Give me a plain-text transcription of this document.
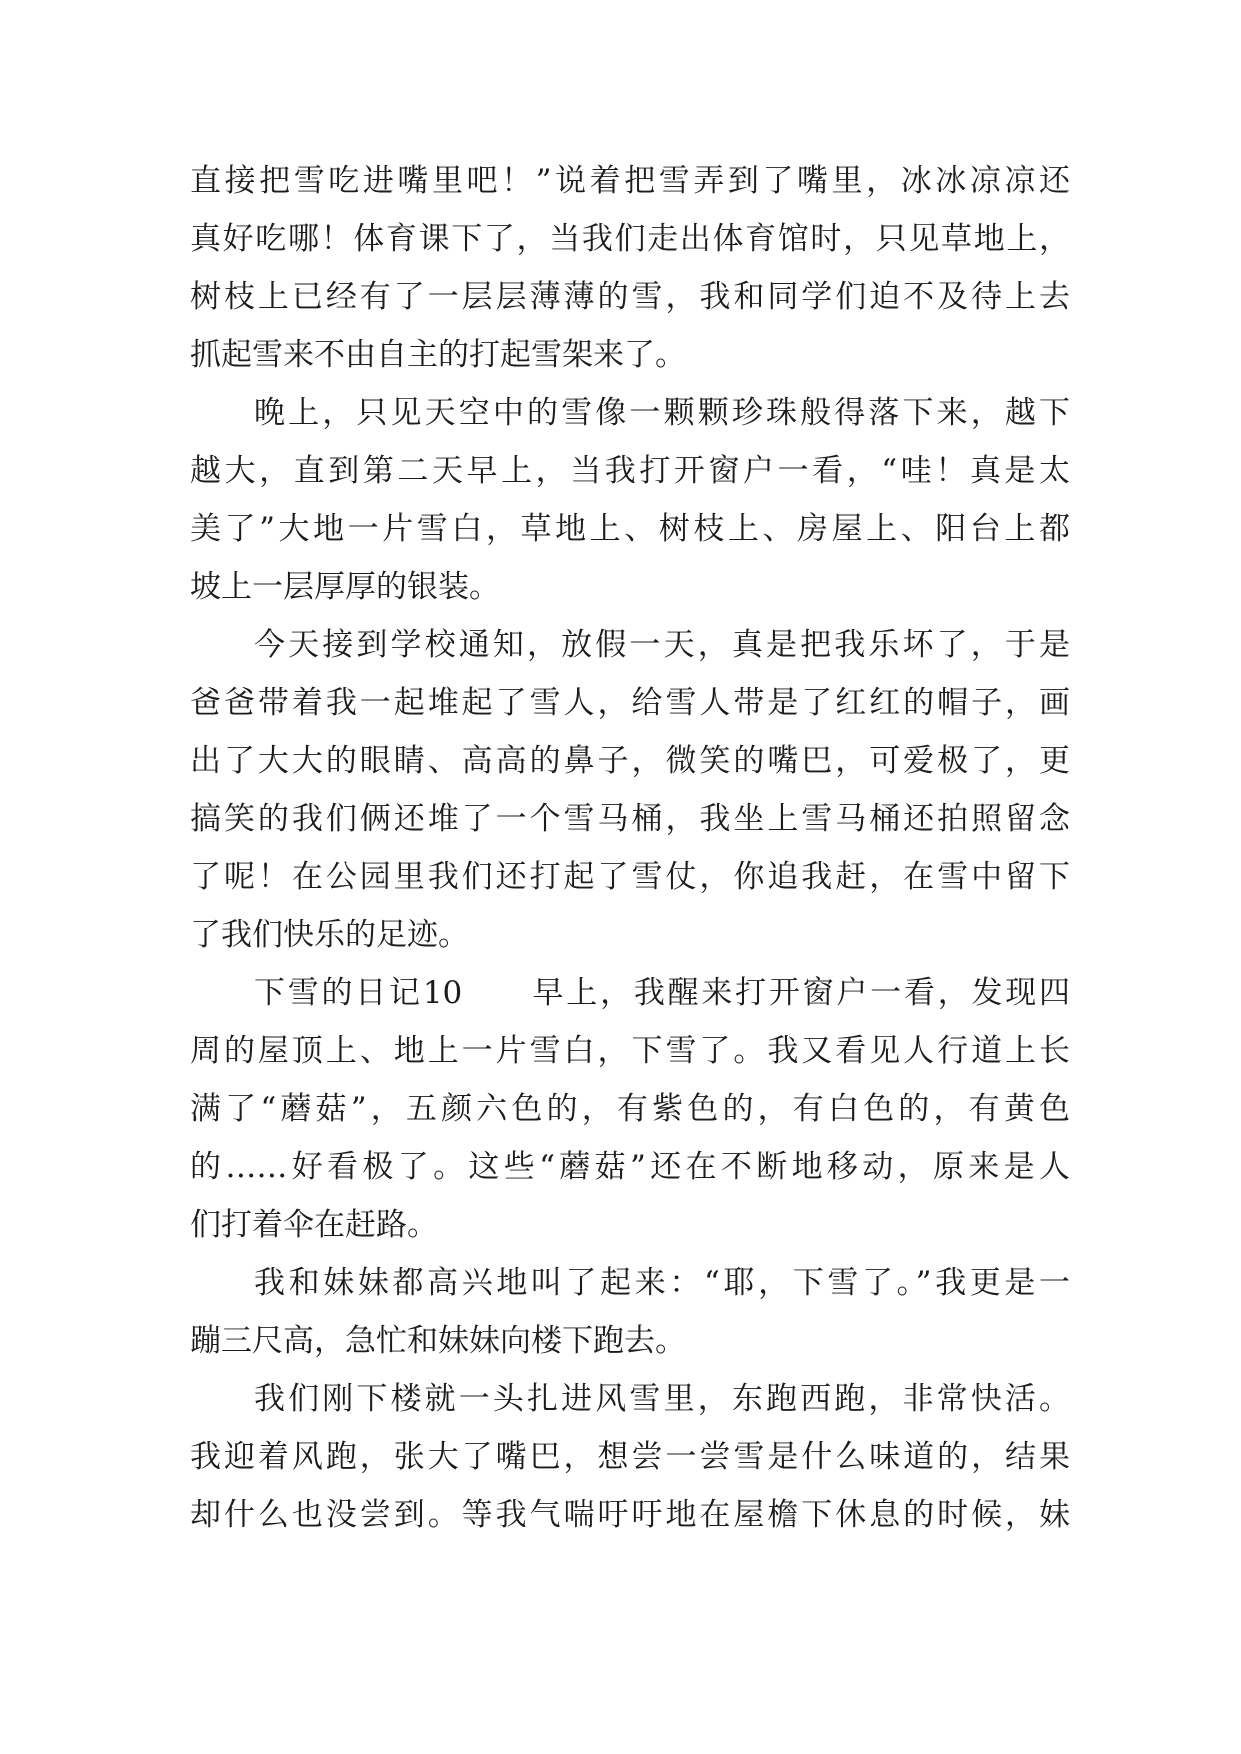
直接把雪吃进嘴里吧！”说着把雪弄到了嘴里，冰冰凉凉还
真好吃哪！体育课下了，当我们走出体育馆时，只见草地上，
树枝上已经有了一层层薄薄的雪，我和同学们迫不及待上去
抓起雪来不由自主的打起雪架来了。
晚上，只见天空中的雪像一颗颗珍珠般得落下来，越下
越大，直到第二天早上，当我打开窗户一看，“哇！真是太
美了”大地一片雪白，草地上、树枝上、房屋上、阳台上都
坡上一层厚厚的银装。
今天接到学校通知，放假一天，真是把我乐坏了，于是
爸爸带着我一起堆起了雪人，给雪人带是了红红的帽子，画
出了大大的眼睛、高高的鼻子，微笑的嘴巴，可爱极了，更
搞笑的我们俩还堆了一个雪马桶，我坐上雪马桶还拍照留念
了呢！在公园里我们还打起了雪仗，你追我赶，在雪中留下
了我们快乐的足迹。
下雪的日记10　　早上，我醒来打开窗户一看，发现四
周的屋顶上、地上一片雪白，下雪了。我又看见人行道上长
满了“蘑菇”，五颜六色的，有紫色的，有白色的，有黄色
的……好看极了。这些“蘑菇”还在不断地移动，原来是人
们打着伞在赶路。
我和妹妹都高兴地叫了起来：“耶，下雪了。”我更是一
蹦三尺高，急忙和妹妹向楼下跑去。
我们刚下楼就一头扎进风雪里，东跑西跑，非常快活。
我迎着风跑，张大了嘴巴，想尝一尝雪是什么味道的，结果
却什么也没尝到。等我气喘吁吁地在屋檐下休息的时候，妹
